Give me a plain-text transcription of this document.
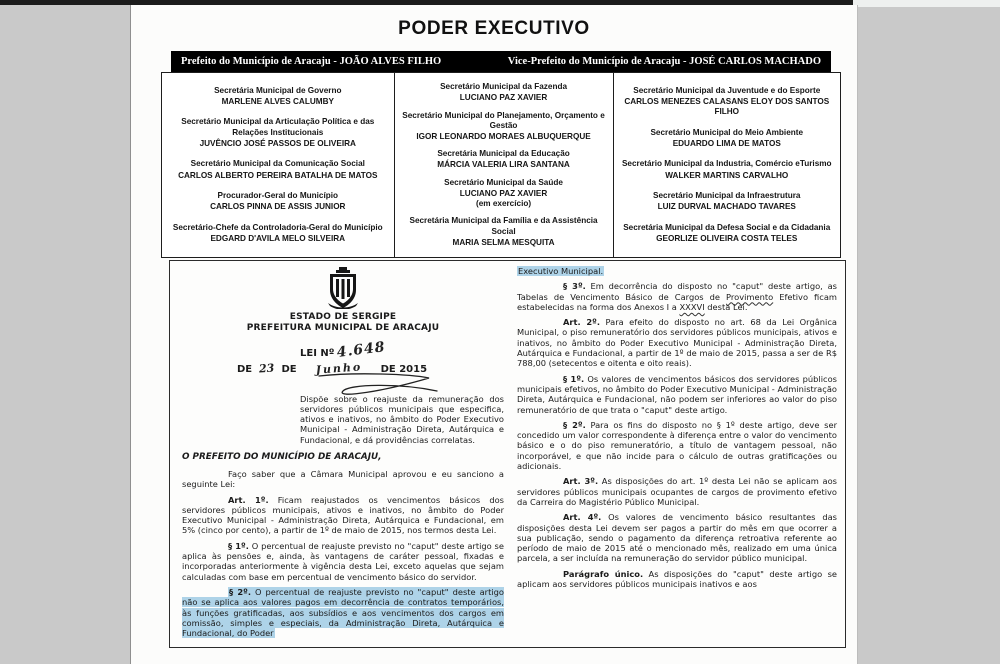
PODER EXECUTIVO
Prefeito do Município de Aracaju - JOÃO ALVES FILHO	Vice-Prefeito do Município de Aracaju - JOSÉ CARLOS MACHADO
Secretária Municipal de Governo
MARLENE ALVES CALUMBY
Secretário Municipal da Articulação Política e das Relações Institucionais
JUVÊNCIO JOSÉ PASSOS DE OLIVEIRA
Secretário Municipal da Comunicação Social
CARLOS ALBERTO PEREIRA BATALHA DE MATOS
Procurador-Geral do Município
CARLOS PINNA DE ASSIS JUNIOR
Secretário-Chefe da Controladoria-Geral do Município
EDGARD D'AVILA MELO SILVEIRA
Secretário Municipal da Fazenda
LUCIANO PAZ XAVIER
Secretário Municipal do Planejamento, Orçamento e Gestão
IGOR LEONARDO MORAES ALBUQUERQUE
Secretária Municipal da Educação
MÁRCIA VALERIA LIRA SANTANA
Secretário Municipal da Saúde
LUCIANO PAZ XAVIER
(em exercício)
Secretária Municipal da Família e da Assistência Social
MARIA SELMA MESQUITA
Secretário Municipal da Juventude e do Esporte
CARLOS MENEZES CALASANS ELOY DOS SANTOS FILHO
Secretário Municipal do Meio Ambiente
EDUARDO LIMA DE MATOS
Secretário Municipal da Industria, Comércio eTurismo
WALKER MARTINS CARVALHO
Secretário Municipal da Infraestrutura
LUIZ DURVAL MACHADO TAVARES
Secretária Municipal da Defesa Social e da Cidadania
GEORLIZE OLIVEIRA COSTA TELES
ESTADO DE SERGIPE
PREFEITURA MUNICIPAL DE ARACAJU
LEI Nº 4.648
DE 23 DE	Junho	DE 2015
Dispõe sobre o reajuste da remuneração dos servidores públicos municipais que especifica, ativos e inativos, no âmbito do Poder Executivo Municipal - Administração Direta, Autárquica e Fundacional, e dá providências correlatas.
O PREFEITO DO MUNICÍPIO DE ARACAJU,

Faço saber que a Câmara Municipal aprovou e eu sanciono a seguinte Lei:

Art. 1º. Ficam reajustados os vencimentos básicos dos servidores públicos municipais, ativos e inativos, no âmbito do Poder Executivo Municipal - Administração Direta, Autárquica e Fundacional, em 5% (cinco por cento), a partir de 1º de maio de 2015, nos termos desta Lei.

§ 1º. O percentual de reajuste previsto no "caput" deste artigo se aplica às pensões e, ainda, às vantagens de caráter pessoal, fixadas e incorporadas anteriormente à vigência desta Lei, exceto aquelas que sejam calculadas com base em percentual de vencimento básico do servidor.

§ 2º. O percentual de reajuste previsto no "caput" deste artigo não se aplica aos valores pagos em decorrência de contratos temporários, às funções gratificadas, aos subsídios e aos vencimentos dos cargos em comissão, simples e especiais, da Administração Direta, Autárquica e Fundacional, do Poder

Executivo Municipal.

§ 3º. Em decorrência do disposto no "caput" deste artigo, as Tabelas de Vencimento Básico de Cargos de Provimento Efetivo ficam estabelecidas na forma dos Anexos I a XXXVI desta Lei.

Art. 2º. Para efeito do disposto no art. 68 da Lei Orgânica Municipal, o piso remuneratório dos servidores públicos municipais, ativos e inativos, no âmbito do Poder Executivo Municipal - Administração Direta, Autárquica e Fundacional, a partir de 1º de maio de 2015, passa a ser de R$ 788,00 (setecentos e oitenta e oito reais).

§ 1º. Os valores de vencimentos básicos dos servidores públicos municipais efetivos, no âmbito do Poder Executivo Municipal - Administração Direta, Autárquica e Fundacional, não podem ser inferiores ao valor do piso remuneratório de que trata o "caput" deste artigo.

§ 2º. Para os fins do disposto no § 1º deste artigo, deve ser concedido um valor correspondente à diferença entre o valor do vencimento básico e o do piso remuneratório, a título de vantagem pessoal, não incorporável, e que não incide para o cálculo de outras gratificações ou adicionais.

Art. 3º. As disposições do art. 1º desta Lei não se aplicam aos servidores públicos municipais ocupantes de cargos de provimento efetivo da Carreira do Magistério Público Municipal.

Art. 4º. Os valores de vencimento básico resultantes das disposições desta Lei devem ser pagos a partir do mês em que ocorrer a sua publicação, sendo o pagamento da diferença retroativa referente ao período de maio de 2015 até o mencionado mês, realizado em uma única parcela, a ser incluída na remuneração do servidor público municipal.

Parágrafo único. As disposições do "caput" deste artigo se aplicam aos servidores públicos municipais inativos e aos
